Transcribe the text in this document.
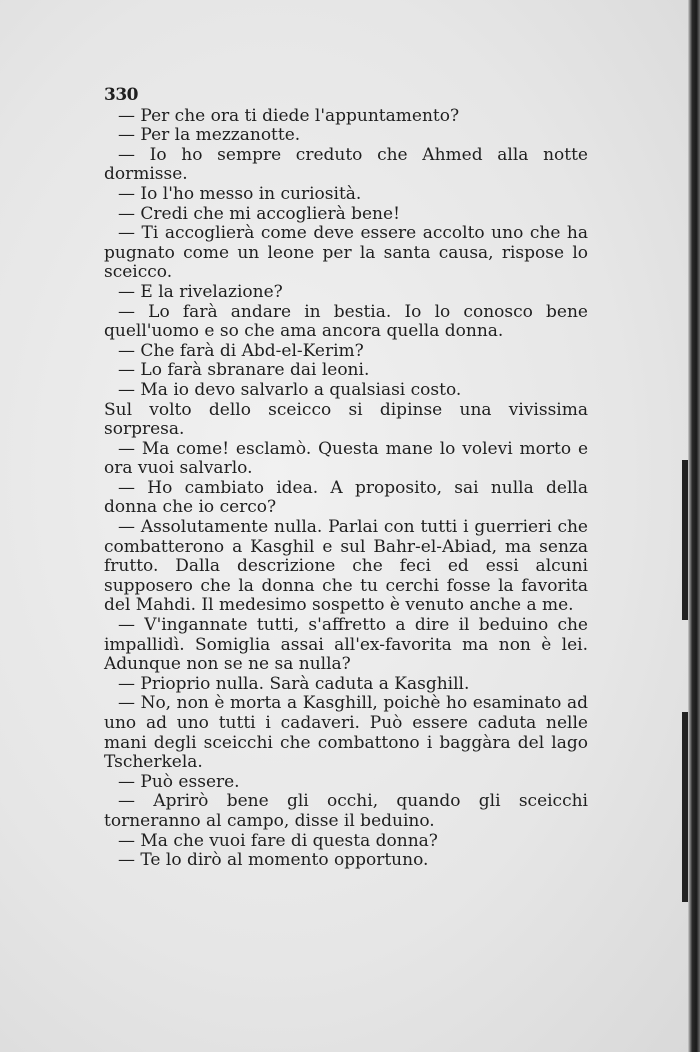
330

— Per che ora ti diede l'appuntamento?

— Per la mezzanotte.

— Io ho sempre creduto che Ahmed alla notte dormisse.

— Io l'ho messo in curiosità.

— Credi che mi accoglierà bene!

— Ti accoglierà come deve essere accolto uno che ha pugnato come un leone per la santa causa, rispose lo sceicco.

— E la rivelazione?

— Lo farà andare in bestia. Io lo conosco bene quell'uomo e so che ama ancora quella donna.

— Che farà di Abd-el-Kerim?

— Lo farà sbranare dai leoni.

— Ma io devo salvarlo a qualsiasi costo.

Sul volto dello sceicco si dipinse una vivissima sorpresa.

— Ma come! esclamò. Questa mane lo volevi morto e ora vuoi salvarlo.

— Ho cambiato idea. A proposito, sai nulla della donna che io cerco?

— Assolutamente nulla. Parlai con tutti i guerrieri che combatterono a Kasghil e sul Bahr-el-Abiad, ma senza frutto. Dalla descrizione che feci ed essi alcuni supposero che la donna che tu cerchi fosse la favorita del Mahdi. Il medesimo sospetto è venuto anche a me.

— V'ingannate tutti, s'affretto a dire il beduino che impallidì. Somiglia assai all'ex-favorita ma non è lei. Adunque non se ne sa nulla?

— Prioprio nulla. Sarà caduta a Kasghill.

— No, non è morta a Kasghill, poichè ho esaminato ad uno ad uno tutti i cadaveri. Può essere caduta nelle mani degli sceicchi che combattono i baggàra del lago Tscherkela.

— Può essere.

— Aprirò bene gli occhi, quando gli sceicchi torneranno al campo, disse il beduino.

— Ma che vuoi fare di questa donna?

— Te lo dirò al momento opportuno.
